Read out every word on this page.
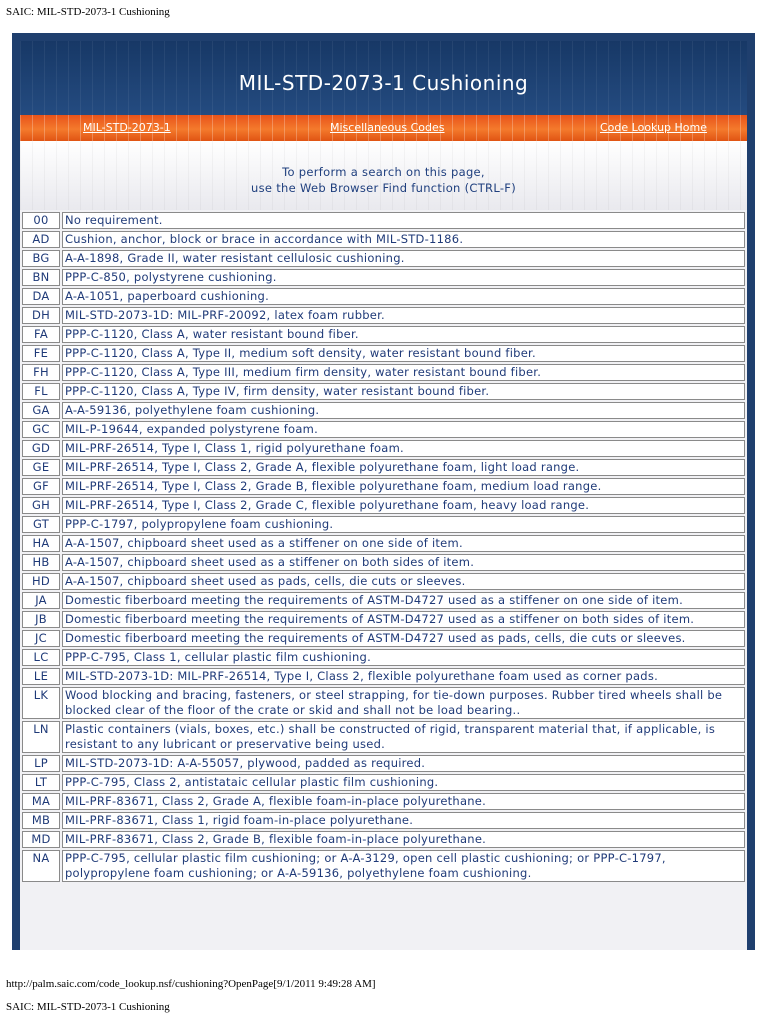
SAIC: MIL-STD-2073-1 Cushioning
MIL-STD-2073-1 Cushioning
MIL-STD-2073-1	Miscellaneous Codes	Code Lookup Home
To perform a search on this page,
use the Web Browser Find function (CTRL-F)
00	No requirement.
AD	Cushion, anchor, block or brace in accordance with MIL-STD-1186.
BG	A-A-1898, Grade II, water resistant cellulosic cushioning.
BN	PPP-C-850, polystyrene cushioning.
DA	A-A-1051, paperboard cushioning.
DH	MIL-STD-2073-1D: MIL-PRF-20092, latex foam rubber.
FA	PPP-C-1120, Class A, water resistant bound fiber.
FE	PPP-C-1120, Class A, Type II, medium soft density, water resistant bound fiber.
FH	PPP-C-1120, Class A, Type III, medium firm density, water resistant bound fiber.
FL	PPP-C-1120, Class A, Type IV, firm density, water resistant bound fiber.
GA	A-A-59136, polyethylene foam cushioning.
GC	MIL-P-19644, expanded polystyrene foam.
GD	MIL-PRF-26514, Type I, Class 1, rigid polyurethane foam.
GE	MIL-PRF-26514, Type I, Class 2, Grade A, flexible polyurethane foam, light load range.
GF	MIL-PRF-26514, Type I, Class 2, Grade B, flexible polyurethane foam, medium load range.
GH	MIL-PRF-26514, Type I, Class 2, Grade C, flexible polyurethane foam, heavy load range.
GT	PPP-C-1797, polypropylene foam cushioning.
HA	A-A-1507, chipboard sheet used as a stiffener on one side of item.
HB	A-A-1507, chipboard sheet used as a stiffener on both sides of item.
HD	A-A-1507, chipboard sheet used as pads, cells, die cuts or sleeves.
JA	Domestic fiberboard meeting the requirements of ASTM-D4727 used as a stiffener on one side of item.
JB	Domestic fiberboard meeting the requirements of ASTM-D4727 used as a stiffener on both sides of item.
JC	Domestic fiberboard meeting the requirements of ASTM-D4727 used as pads, cells, die cuts or sleeves.
LC	PPP-C-795, Class 1, cellular plastic film cushioning.
LE	MIL-STD-2073-1D: MIL-PRF-26514, Type I, Class 2, flexible polyurethane foam used as corner pads.
LK	Wood blocking and bracing, fasteners, or steel strapping, for tie-down purposes. Rubber tired wheels shall be blocked clear of the floor of the crate or skid and shall not be load bearing..
LN	Plastic containers (vials, boxes, etc.) shall be constructed of rigid, transparent material that, if applicable, is resistant to any lubricant or preservative being used.
LP	MIL-STD-2073-1D: A-A-55057, plywood, padded as required.
LT	PPP-C-795, Class 2, antistataic cellular plastic film cushioning.
MA	MIL-PRF-83671, Class 2, Grade A, flexible foam-in-place polyurethane.
MB	MIL-PRF-83671, Class 1, rigid foam-in-place polyurethane.
MD	MIL-PRF-83671, Class 2, Grade B, flexible foam-in-place polyurethane.
NA	PPP-C-795, cellular plastic film cushioning; or A-A-3129, open cell plastic cushioning; or PPP-C-1797, polypropylene foam cushioning; or A-A-59136, polyethylene foam cushioning.
http://palm.saic.com/code_lookup.nsf/cushioning?OpenPage[9/1/2011 9:49:28 AM]
SAIC: MIL-STD-2073-1 Cushioning
